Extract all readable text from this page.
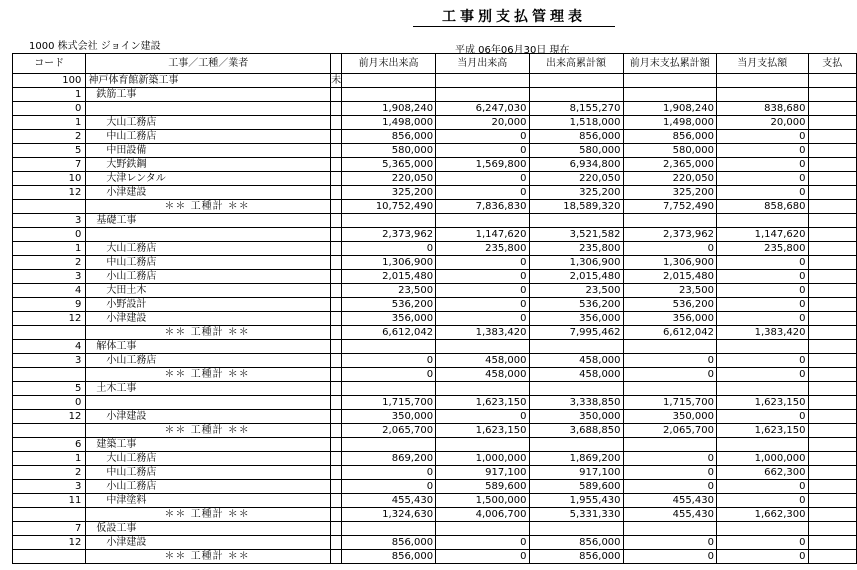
工事別支払管理表
1000 株式会社 ジョイン建設	平成 06年06月30日 現在
コード	工事／工種／業者		前月末出来高	当月出来高	出来高累計額	前月末支払累計額	当月支払額	支払
100	神戸体育館新築工事	未						
1	鉄筋工事							
0			1,908,240	6,247,030	8,155,270	1,908,240	838,680	
1	大山工務店		1,498,000	20,000	1,518,000	1,498,000	20,000	
2	中山工務店		856,000	0	856,000	856,000	0	
5	中田設備		580,000	0	580,000	580,000	0	
7	大野鉄鋼		5,365,000	1,569,800	6,934,800	2,365,000	0	
10	大津レンタル		220,050	0	220,050	220,050	0	
12	小津建設		325,200	0	325,200	325,200	0	
	＊＊ 工種計 ＊＊		10,752,490	7,836,830	18,589,320	7,752,490	858,680	
3	基礎工事							
0			2,373,962	1,147,620	3,521,582	2,373,962	1,147,620	
1	大山工務店		0	235,800	235,800	0	235,800	
2	中山工務店		1,306,900	0	1,306,900	1,306,900	0	
3	小山工務店		2,015,480	0	2,015,480	2,015,480	0	
4	大田土木		23,500	0	23,500	23,500	0	
9	小野設計		536,200	0	536,200	536,200	0	
12	小津建設		356,000	0	356,000	356,000	0	
	＊＊ 工種計 ＊＊		6,612,042	1,383,420	7,995,462	6,612,042	1,383,420	
4	解体工事							
3	小山工務店		0	458,000	458,000	0	0	
	＊＊ 工種計 ＊＊		0	458,000	458,000	0	0	
5	土木工事							
0			1,715,700	1,623,150	3,338,850	1,715,700	1,623,150	
12	小津建設		350,000	0	350,000	350,000	0	
	＊＊ 工種計 ＊＊		2,065,700	1,623,150	3,688,850	2,065,700	1,623,150	
6	建築工事							
1	大山工務店		869,200	1,000,000	1,869,200	0	1,000,000	
2	中山工務店		0	917,100	917,100	0	662,300	
3	小山工務店		0	589,600	589,600	0	0	
11	中津塗料		455,430	1,500,000	1,955,430	455,430	0	
	＊＊ 工種計 ＊＊		1,324,630	4,006,700	5,331,330	455,430	1,662,300	
7	仮設工事							
12	小津建設		856,000	0	856,000	0	0	
	＊＊ 工種計 ＊＊		856,000	0	856,000	0	0	
